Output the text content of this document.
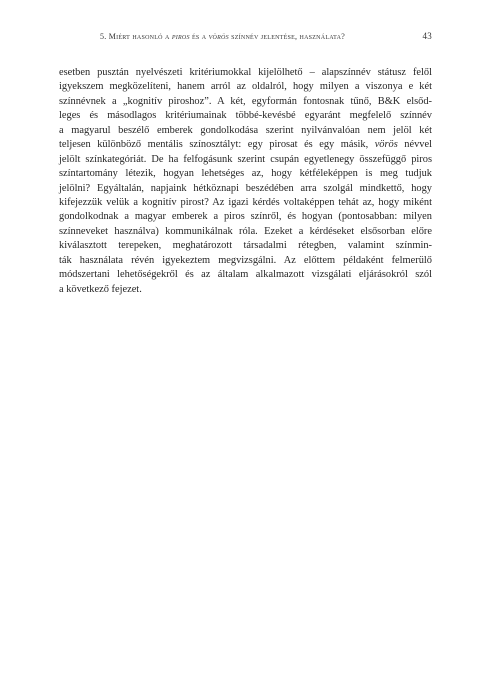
5. Miért hasonló a piros és a vörös színnév jelentése, használata?	43
esetben pusztán nyelvészeti kritériumokkal kijelölhető – alapszínnév státusz felől
igyekszem megközelíteni, hanem arról az oldalról, hogy milyen a viszonya e két
színnévnek a „kognitív piroshoz”. A két, egyformán fontosnak tűnő, B&K elsőd-
leges és másodlagos kritériumainak többé-kevésbé egyaránt megfelelő színnév
a magyarul beszélő emberek gondolkodása szerint nyilvánvalóan nem jelöl két
teljesen különböző mentális színosztályt: egy pirosat és egy másik, vörös névvel
jelölt színkategóriát. De ha felfogásunk szerint csupán egyetlenegy összefüggő piros
színtartomány létezik, hogyan lehetséges az, hogy kétféleképpen is meg tudjuk
jelölni? Egyáltalán, napjaink hétköznapi beszédében arra szolgál mindkettő, hogy
kifejezzük velük a kognitív pirost? Az igazi kérdés voltaképpen tehát az, hogy miként
gondolkodnak a magyar emberek a piros színről, és hogyan (pontosabban: milyen
színneveket használva) kommunikálnak róla. Ezeket a kérdéseket elsősorban előre
kiválasztott terepeken, meghatározott társadalmi rétegben, valamint színmin-
ták használata révén igyekeztem megvizsgálni. Az előttem példaként felmerülő
módszertani lehetőségekről és az általam alkalmazott vizsgálati eljárásokról szól
a következő fejezet.
